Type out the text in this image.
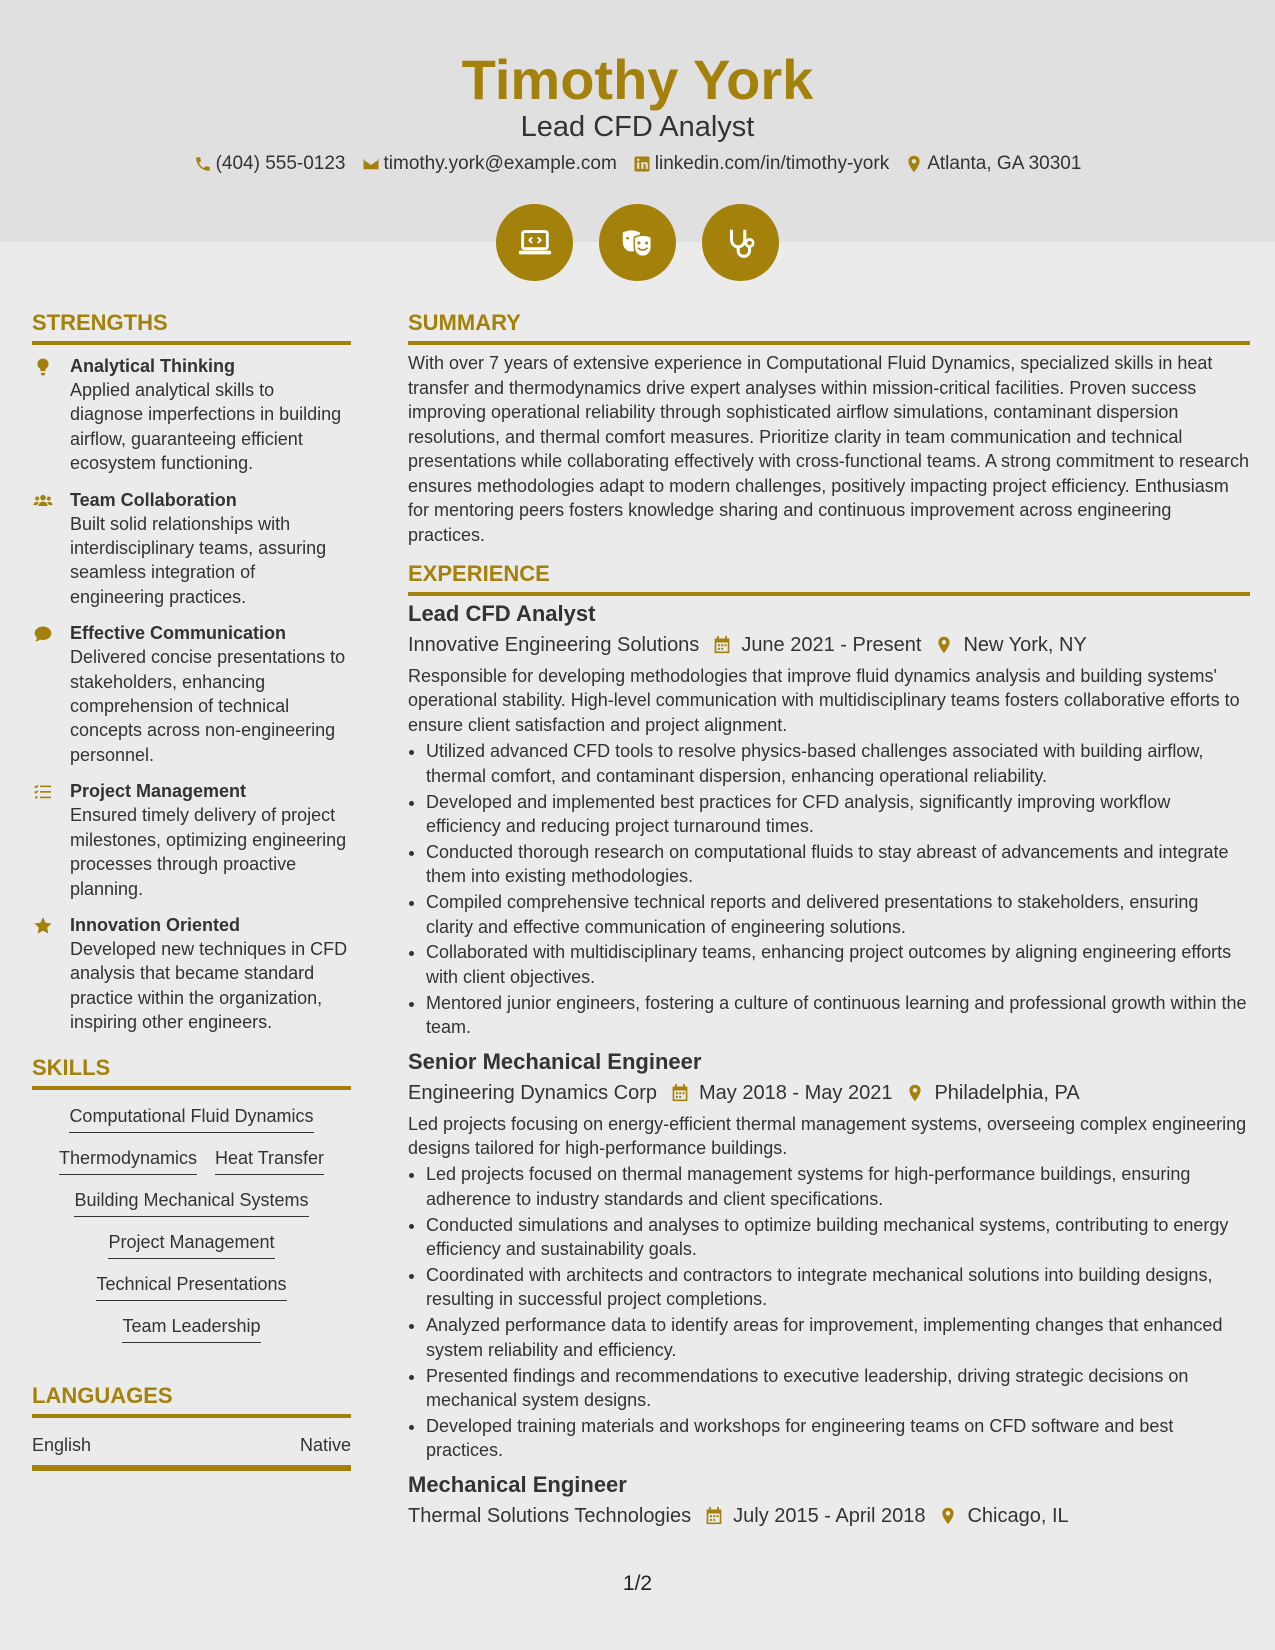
Timothy York
Lead CFD Analyst
(404) 555-0123 timothy.york@example.com linkedin.com/in/timothy-york Atlanta, GA 30301
STRENGTHS
Analytical Thinking
Applied analytical skills to diagnose imperfections in building airflow, guaranteeing efficient ecosystem functioning.
Team Collaboration
Built solid relationships with interdisciplinary teams, assuring seamless integration of engineering practices.
Effective Communication
Delivered concise presentations to stakeholders, enhancing comprehension of technical concepts across non-engineering personnel.
Project Management
Ensured timely delivery of project milestones, optimizing engineering processes through proactive planning.
Innovation Oriented
Developed new techniques in CFD analysis that became standard practice within the organization, inspiring other engineers.
SKILLS
Computational Fluid Dynamics
Thermodynamics Heat Transfer
Building Mechanical Systems
Project Management
Technical Presentations
Team Leadership
LANGUAGES
English	Native
SUMMARY
With over 7 years of extensive experience in Computational Fluid Dynamics, specialized skills in heat transfer and thermodynamics drive expert analyses within mission-critical facilities. Proven success improving operational reliability through sophisticated airflow simulations, contaminant dispersion resolutions, and thermal comfort measures. Prioritize clarity in team communication and technical presentations while collaborating effectively with cross-functional teams. A strong commitment to research ensures methodologies adapt to modern challenges, positively impacting project efficiency. Enthusiasm for mentoring peers fosters knowledge sharing and continuous improvement across engineering practices.
EXPERIENCE
Lead CFD Analyst
Innovative Engineering Solutions June 2021 - Present New York, NY
Responsible for developing methodologies that improve fluid dynamics analysis and building systems' operational stability. High-level communication with multidisciplinary teams fosters collaborative efforts to ensure client satisfaction and project alignment.
• Utilized advanced CFD tools to resolve physics-based challenges associated with building airflow, thermal comfort, and contaminant dispersion, enhancing operational reliability.
• Developed and implemented best practices for CFD analysis, significantly improving workflow efficiency and reducing project turnaround times.
• Conducted thorough research on computational fluids to stay abreast of advancements and integrate them into existing methodologies.
• Compiled comprehensive technical reports and delivered presentations to stakeholders, ensuring clarity and effective communication of engineering solutions.
• Collaborated with multidisciplinary teams, enhancing project outcomes by aligning engineering efforts with client objectives.
• Mentored junior engineers, fostering a culture of continuous learning and professional growth within the team.
Senior Mechanical Engineer
Engineering Dynamics Corp May 2018 - May 2021 Philadelphia, PA
Led projects focusing on energy-efficient thermal management systems, overseeing complex engineering designs tailored for high-performance buildings.
• Led projects focused on thermal management systems for high-performance buildings, ensuring adherence to industry standards and client specifications.
• Conducted simulations and analyses to optimize building mechanical systems, contributing to energy efficiency and sustainability goals.
• Coordinated with architects and contractors to integrate mechanical solutions into building designs, resulting in successful project completions.
• Analyzed performance data to identify areas for improvement, implementing changes that enhanced system reliability and efficiency.
• Presented findings and recommendations to executive leadership, driving strategic decisions on mechanical system designs.
• Developed training materials and workshops for engineering teams on CFD software and best practices.
Mechanical Engineer
Thermal Solutions Technologies July 2015 - April 2018 Chicago, IL
1/2
